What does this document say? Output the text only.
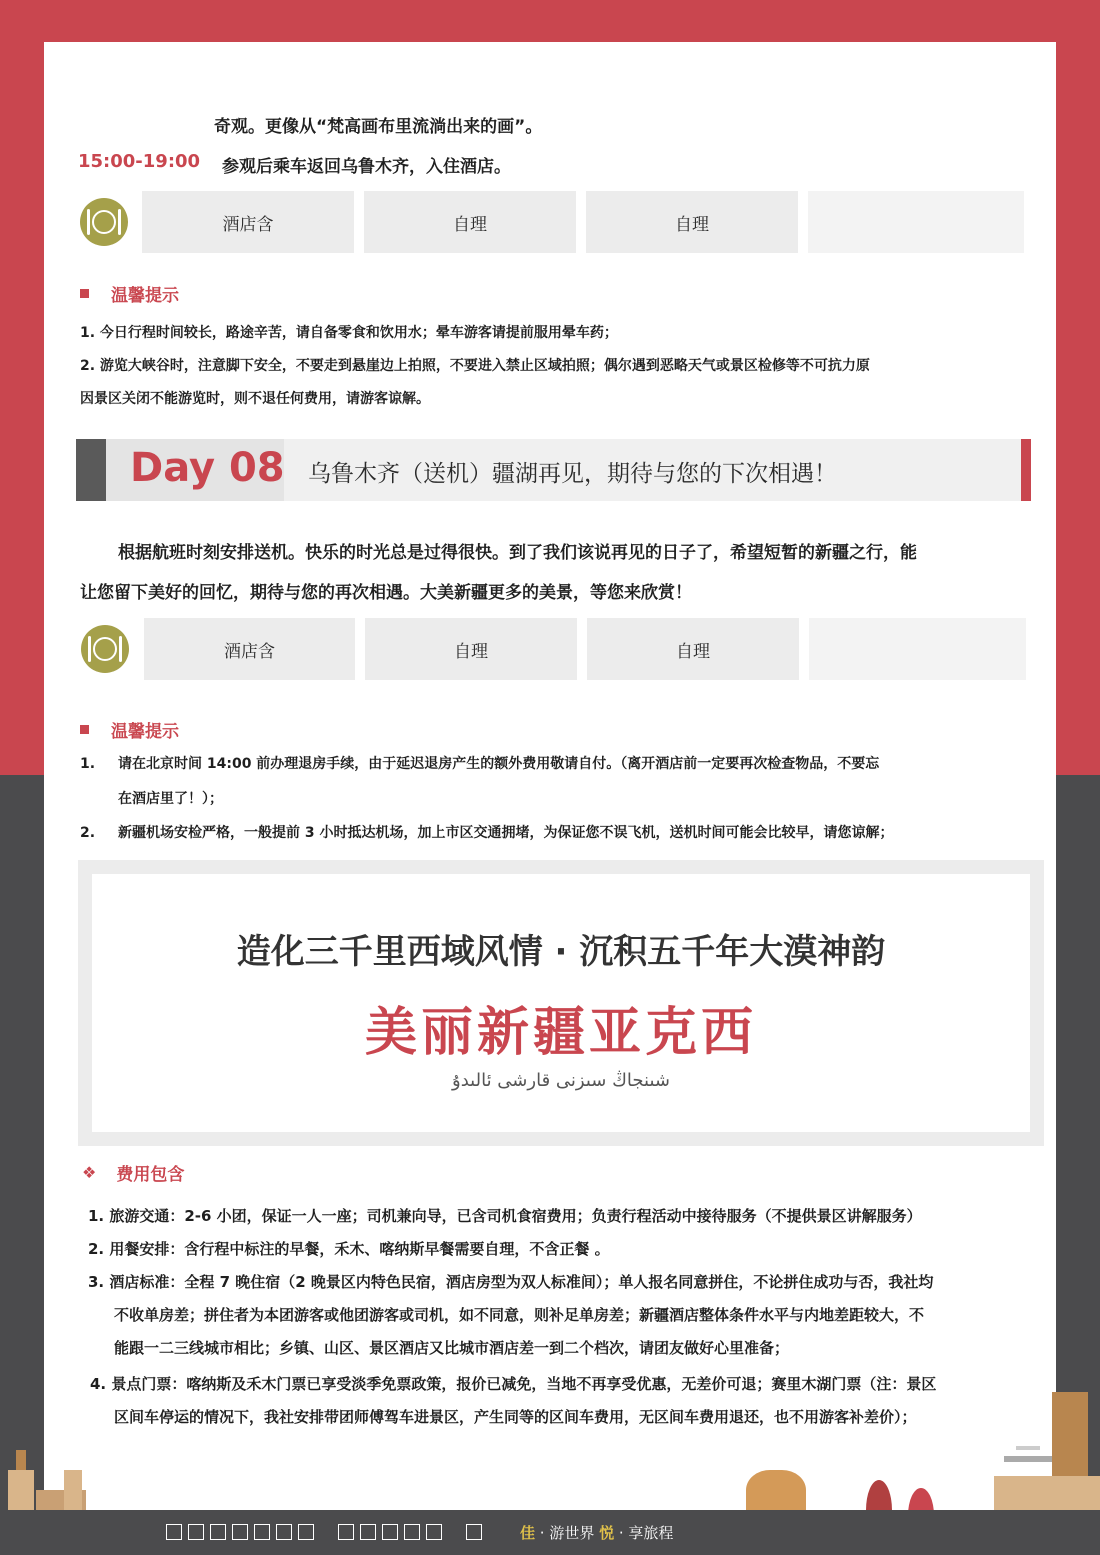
奇观。更像从“梵高画布里流淌出来的画”。
15:00-19:00 参观后乘车返回乌鲁木齐，入住酒店。
酒店含	自理	自理
温馨提示
1. 今日行程时间较长，路途辛苦，请自备零食和饮用水；晕车游客请提前服用晕车药；
2. 游览大峡谷时，注意脚下安全，不要走到悬崖边上拍照，不要进入禁止区域拍照；偶尔遇到恶略天气或景区检修等不可抗力原
因景区关闭不能游览时，则不退任何费用，请游客谅解。
Day 08 乌鲁木齐（送机）疆湖再见，期待与您的下次相遇！
根据航班时刻安排送机。快乐的时光总是过得很快。到了我们该说再见的日子了，希望短暂的新疆之行，能
让您留下美好的回忆，期待与您的再次相遇。大美新疆更多的美景，等您来欣赏！
酒店含	自理	自理
温馨提示
1. 请在北京时间 14:00 前办理退房手续，由于延迟退房产生的额外费用敬请自付。（离开酒店前一定要再次检查物品，不要忘
在酒店里了！）；
2. 新疆机场安检严格，一般提前 3 小时抵达机场，加上市区交通拥堵，为保证您不误飞机，送机时间可能会比较早，请您谅解；
造化三千里西域风情 · 沉积五千年大漠神韵
美丽新疆亚克西
شىنجاڭ سىزنى قارشى ئالىدۇ
❖ 费用包含
1. 旅游交通：2-6 小团，保证一人一座；司机兼向导，已含司机食宿费用；负责行程活动中接待服务（不提供景区讲解服务）
2. 用餐安排：含行程中标注的早餐，禾木、喀纳斯早餐需要自理，不含正餐 。
3. 酒店标准：全程 7 晚住宿（2 晚景区内特色民宿，酒店房型为双人标准间）；单人报名同意拼住，不论拼住成功与否，我社均
不收单房差；拼住者为本团游客或他团游客或司机，如不同意，则补足单房差；新疆酒店整体条件水平与内地差距较大，不
能跟一二三线城市相比；乡镇、山区、景区酒店又比城市酒店差一到二个档次，请团友做好心里准备；
4. 景点门票：喀纳斯及禾木门票已享受淡季免票政策，报价已减免，当地不再享受优惠，无差价可退；赛里木湖门票（注：景区
区间车停运的情况下，我社安排带团师傅驾车进景区，产生同等的区间车费用，无区间车费用退还，也不用游客补差价）；
佳 · 游世界 悦 · 享旅程
